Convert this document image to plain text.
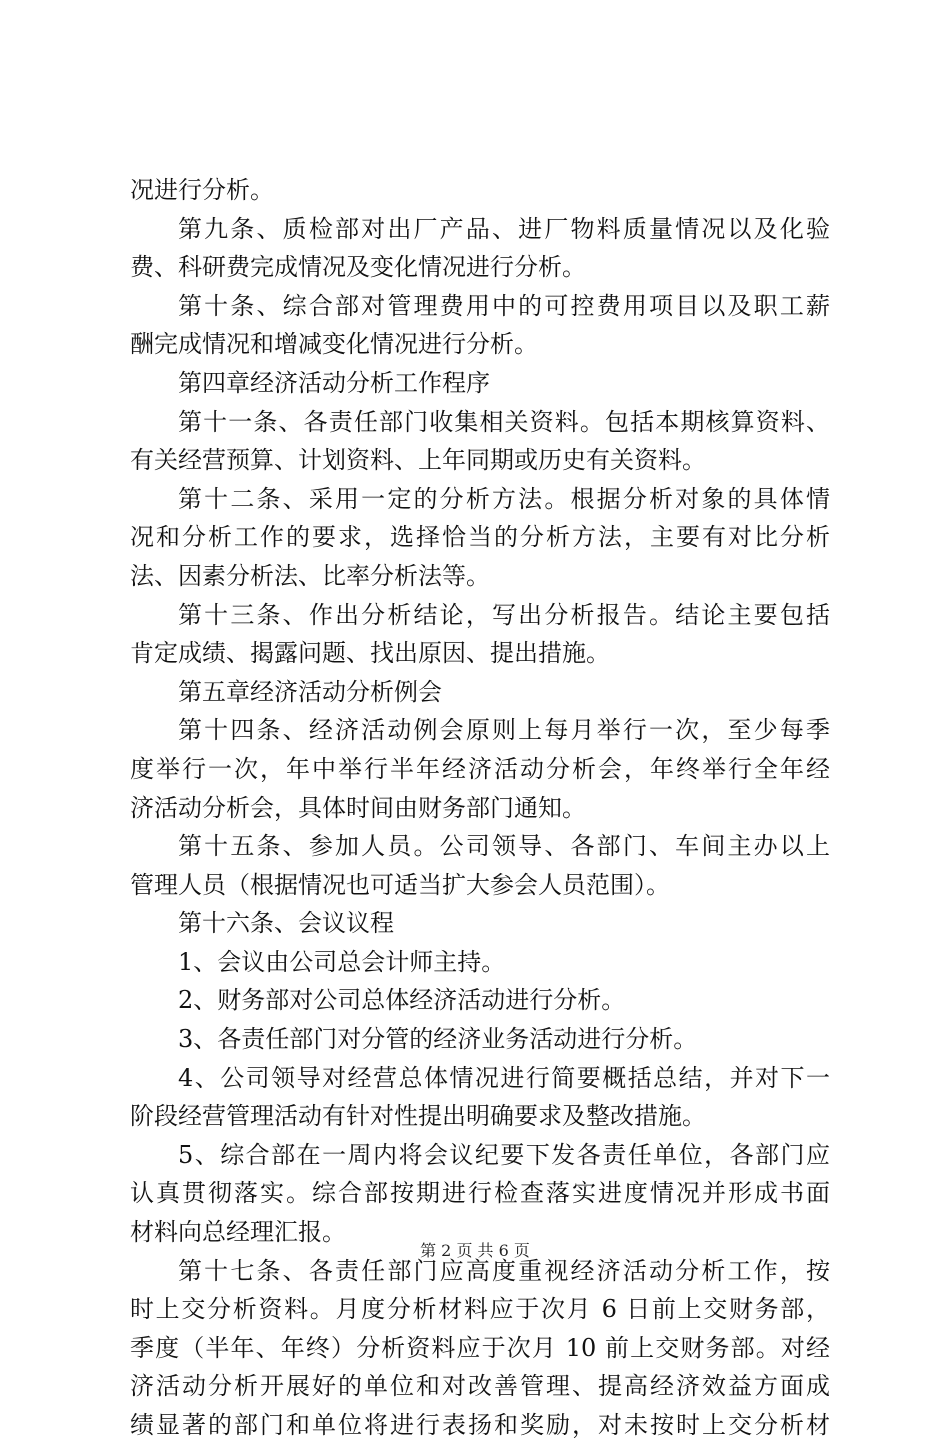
况进行分析。
第九条、质检部对出厂产品、进厂物料质量情况以及化验
费、科研费完成情况及变化情况进行分析。
第十条、综合部对管理费用中的可控费用项目以及职工薪
酬完成情况和增减变化情况进行分析。
第四章经济活动分析工作程序
第十一条、各责任部门收集相关资料。包括本期核算资料、
有关经营预算、计划资料、上年同期或历史有关资料。
第十二条、采用一定的分析方法。根据分析对象的具体情
况和分析工作的要求，选择恰当的分析方法，主要有对比分析
法、因素分析法、比率分析法等。
第十三条、作出分析结论，写出分析报告。结论主要包括
肯定成绩、揭露问题、找出原因、提出措施。
第五章经济活动分析例会
第十四条、经济活动例会原则上每月举行一次，至少每季
度举行一次，年中举行半年经济活动分析会，年终举行全年经
济活动分析会，具体时间由财务部门通知。
第十五条、参加人员。公司领导、各部门、车间主办以上
管理人员（根据情况也可适当扩大参会人员范围）。
第十六条、会议议程
1、会议由公司总会计师主持。
2、财务部对公司总体经济活动进行分析。
3、各责任部门对分管的经济业务活动进行分析。
4、公司领导对经营总体情况进行简要概括总结，并对下一
阶段经营管理活动有针对性提出明确要求及整改措施。
5、综合部在一周内将会议纪要下发各责任单位，各部门应
认真贯彻落实。综合部按期进行检查落实进度情况并形成书面
材料向总经理汇报。
第十七条、各责任部门应高度重视经济活动分析工作，按
时上交分析资料。月度分析材料应于次月 6 日前上交财务部，
季度（半年、年终）分析资料应于次月 10 前上交财务部。对经
济活动分析开展好的单位和对改善管理、提高经济效益方面成
绩显著的部门和单位将进行表扬和奖励，对未按时上交分析材
第 2 页 共 6 页
